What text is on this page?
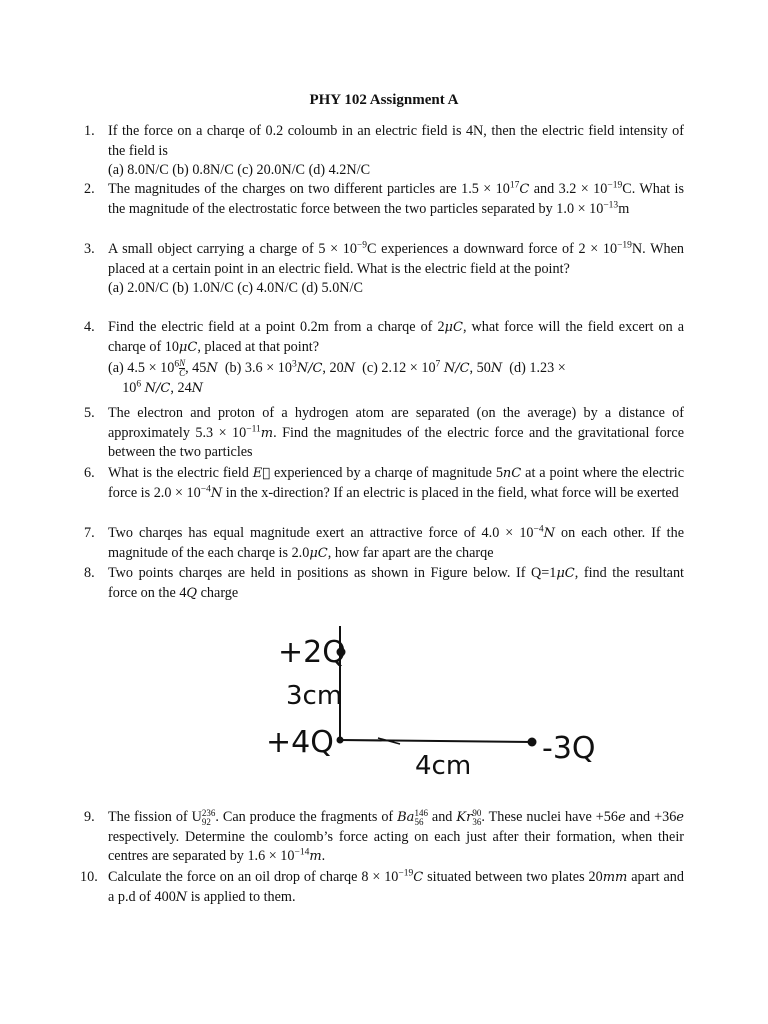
PHY 102 Assignment A
1. If the force on a charqe of 0.2 coloumb in an electric field is 4N, then the electric field intensity of the field is
(a) 8.0N/C (b) 0.8N/C (c) 20.0N/C (d) 4.2N/C
2. The magnitudes of the charges on two different particles are $1.5 \times 10^{17}C$ and $3.2 \times 10^{-19}C$. What is the magnitude of the electrostatic force between the two particles separated by $1.0 \times 10^{-13}m$
3. A small object carrying a charge of $5 \times 10^{-9}C$ experiences a downward force of $2 \times 10^{-19}N$. When placed at a certain point in an electric field. What is the electric field at the point?
(a) 2.0N/C (b) 1.0N/C (c) 4.0N/C (d) 5.0N/C
4. Find the electric field at a point 0.2m from a charqe of 2μC, what force will the field excert on a charqe of 10μC, placed at that point?
(a) $4.5 \times 10^6 \frac{N}{C}$ , 45N  (b) $3.6 \times 10^3N/C$, 20N  (c) $2.12 \times 10^7$ N/C, 50N  (d) 1.23 ×
$10^6$ N/C, 24N
5. The electron and proton of a hydrogen atom are separated (on the average) by a distance of approximately $5.3 \times 10^{-11}m$. Find the magnitudes of the electric force and the gravitational force between the two particles
6. What is the electric field E⃗ experienced by a charqe of magnitude 5nC at a point where the electric force is $2.0 \times 10^{-4}N$ in the x-direction? If an electric is placed in the field, what force will be exerted
7. Two charqes has equal magnitude exert an attractive force of $4.0 \times 10^{-4}N$ on each other. If the magnitude of the each charqe is 2.0μC, how far apart are the charqe
8. Two points charqes are held in positions as shown in Figure below. If Q=1μC, find the resultant force on the 4Q charge
+2Q
3cm
+4Q
4cm -3Q
9. The fission of U 236
92 . Can produce the fragments of Ba 146
56 and Kr 90
36 . These nuclei have +56e and +36e respectively. Determine the coulomb’s force acting on each just after their formation, when their centres are separated by $1.6 \times 10^{-14}m$.
10. Calculate the force on an oil drop of charqe $8 \times 10^{-19}C$ situated between two plates 20mm apart and a p.d of 400N is applied to them.
